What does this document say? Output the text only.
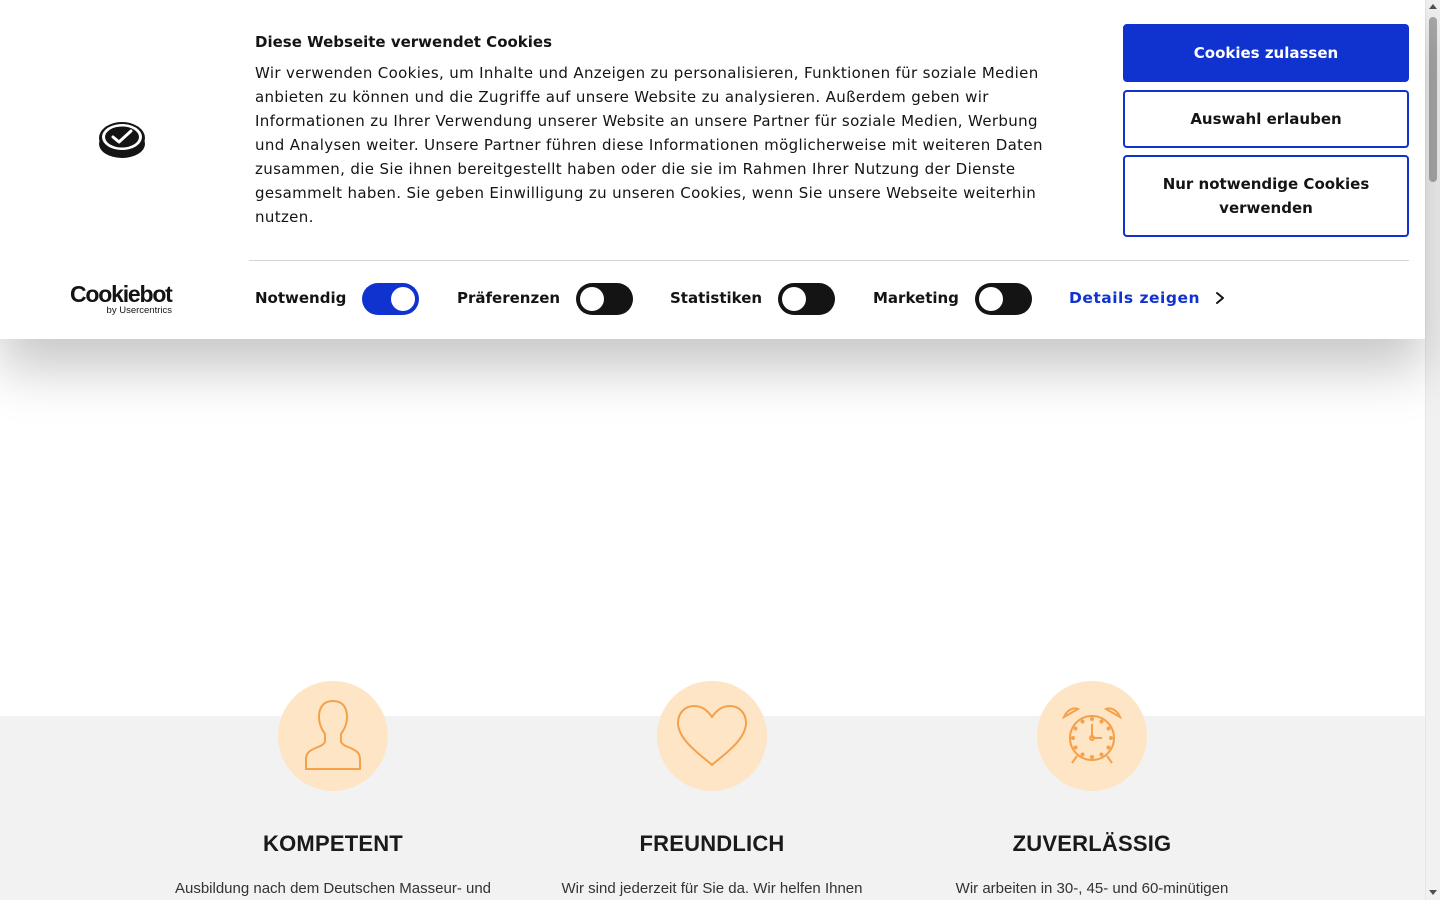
KOMPETENT

Ausbildung nach dem Deutschen Masseur- und

FREUNDLICH

Wir sind jederzeit für Sie da. Wir helfen Ihnen

ZUVERLÄSSIG

Wir arbeiten in 30-, 45- und 60-minütigen

Diese Webseite verwendet Cookies
Wir verwenden Cookies, um Inhalte und Anzeigen zu personalisieren, Funktionen für soziale Medien anbieten zu können und die Zugriffe auf unsere Website zu analysieren. Außerdem geben wir Informationen zu Ihrer Verwendung unserer Website an unsere Partner für soziale Medien, Werbung und Analysen weiter. Unsere Partner führen diese Informationen möglicherweise mit weiteren Daten zusammen, die Sie ihnen bereitgestellt haben oder die sie im Rahmen Ihrer Nutzung der Dienste gesammelt haben. Sie geben Einwilligung zu unseren Cookies, wenn Sie unsere Webseite weiterhin nutzen.
Cookies zulassen
Auswahl erlauben
Nur notwendige Cookies verwenden
Cookiebot
by Usercentrics
Notwendig	Präferenzen	Statistiken	Marketing	Details zeigen
